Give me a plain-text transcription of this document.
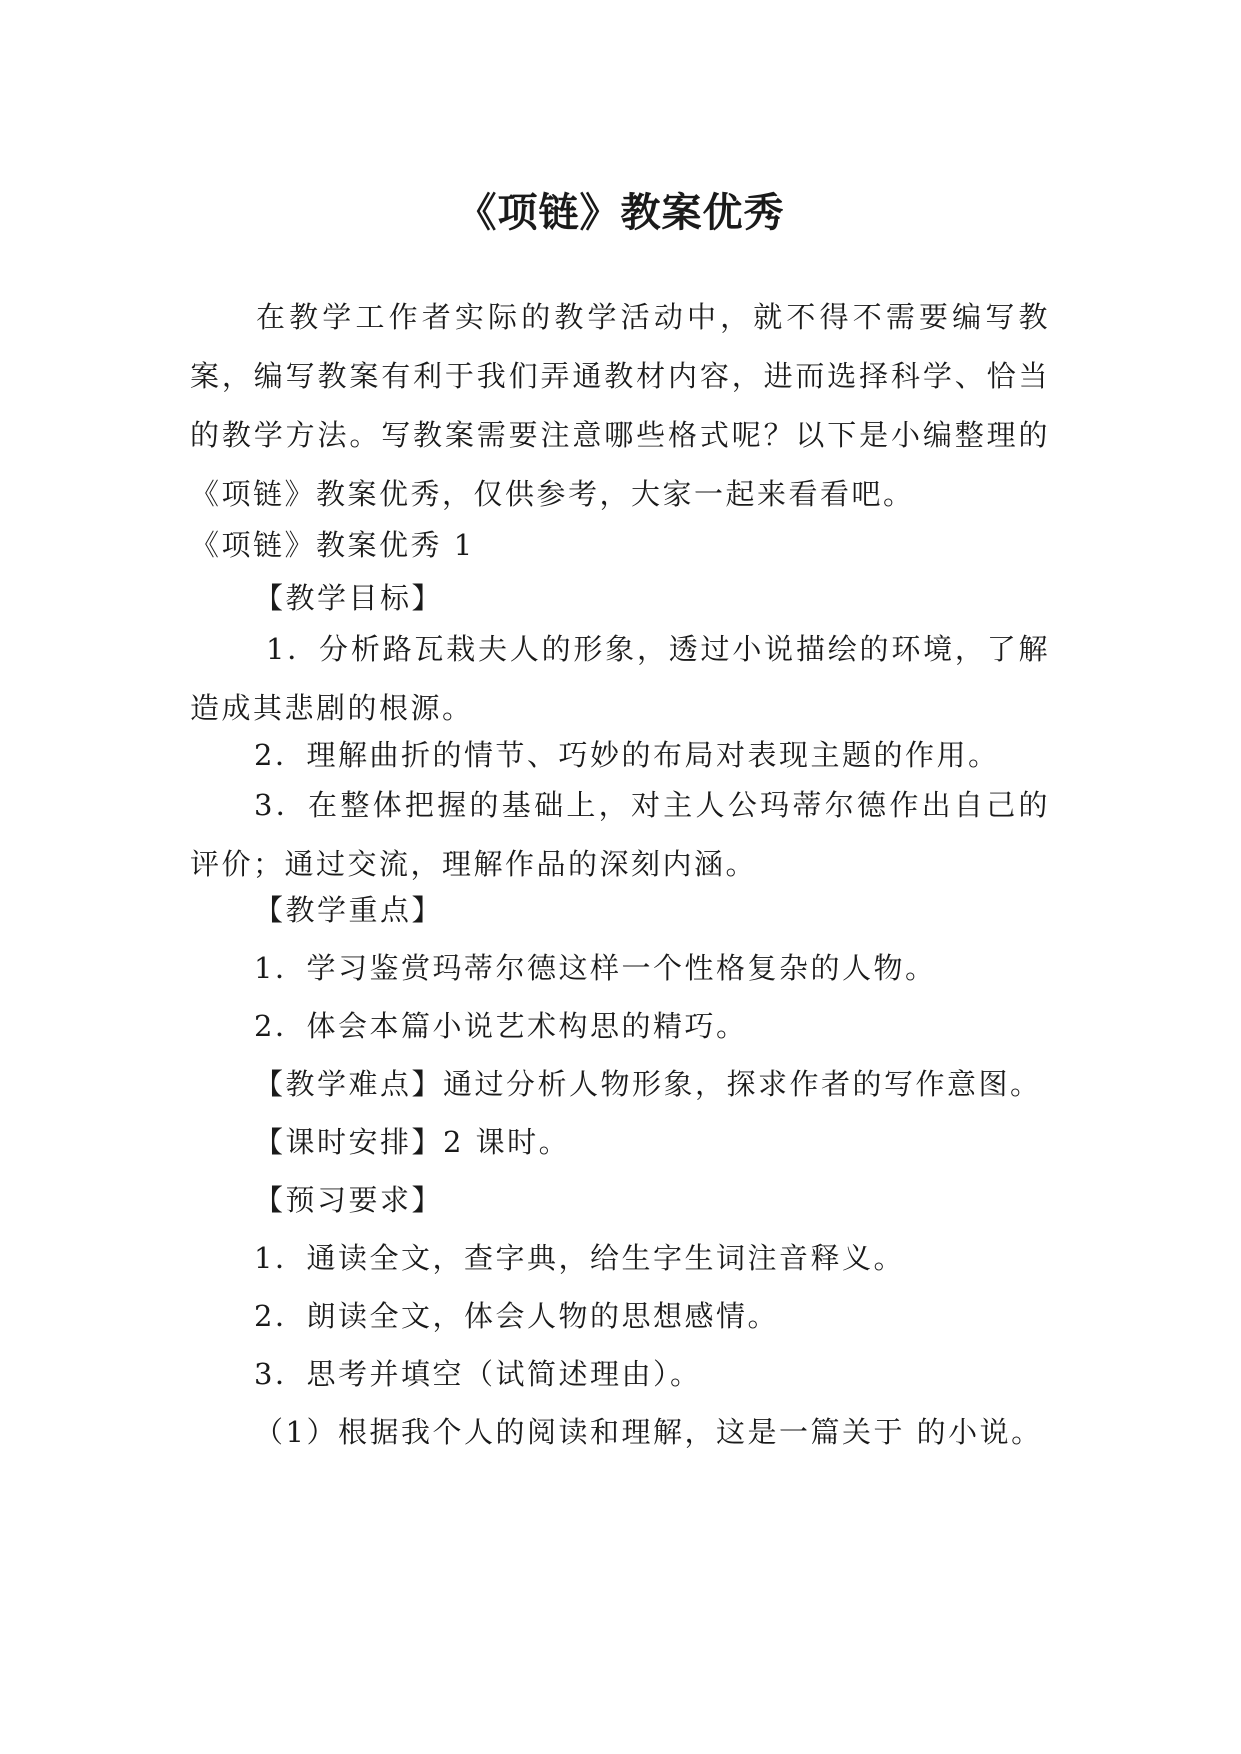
《项链》教案优秀

在教学工作者实际的教学活动中，就不得不需要编写教案，编写教案有利于我们弄通教材内容，进而选择科学、恰当的教学方法。写教案需要注意哪些格式呢？以下是小编整理的《项链》教案优秀，仅供参考，大家一起来看看吧。

《项链》教案优秀 1

【教学目标】

1．分析路瓦栽夫人的形象，透过小说描绘的环境，了解造成其悲剧的根源。

2．理解曲折的情节、巧妙的布局对表现主题的作用。

3．在整体把握的基础上，对主人公玛蒂尔德作出自己的评价；通过交流，理解作品的深刻内涵。

【教学重点】

1．学习鉴赏玛蒂尔德这样一个性格复杂的人物。

2．体会本篇小说艺术构思的精巧。

【教学难点】通过分析人物形象，探求作者的写作意图。

【课时安排】2 课时。

【预习要求】

1．通读全文，查字典，给生字生词注音释义。

2．朗读全文，体会人物的思想感情。

3．思考并填空（试简述理由）。

（1）根据我个人的阅读和理解，这是一篇关于 的小说。
